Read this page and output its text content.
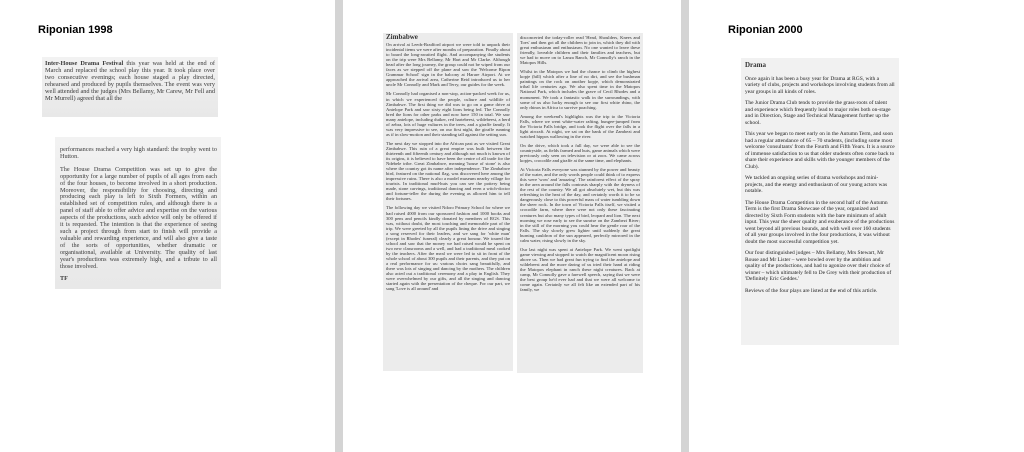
Riponian 1998

Inter-House Drama Festival this year was held at the end of March and replaced the school play this year. It took place over two consecutive evenings; each house staged a play directed, rehearsed and produced by pupils themselves. The event was very well attended and the judges (Mrs Bellamy, Mr Carew, Mr Fell and Mr Murrell) agreed that all the

performances reached a very high standard: the trophy went to Hutton.

The House Drama Competition was set up to give the opportunity for a large number of pupils of all ages from each of the four houses, to become involved in a short production. Moreover, the responsibility for choosing, directing and producing each play is left to Sixth Formers, within an established set of competition rules, and although there is a panel of staff able to offer advice and expertise on the various aspects of the productions, such advice will only be offered if it is requested. The intention is that the experience of seeing such a project through from start to finish will provide a valuable and rewarding experience, and will also give a taste of the sorts of opportunities, whether dramatic or organisational, available at University. The quality of last year's productions was extremely high, and a tribute to all those involved.

TF

Zimbabwe

On arrival at Leeds-Bradford airport we were told to unpack their incidental items we were after months of preparation. Finally about to board the long-awaited flight. And accompanying the students on the trip were Mrs Bellamy, Mr Hart and Mr Clarke. Although head after the long journey, the group could not be wiped from our faces as we stepped off the plane and saw the 'Welcome Ripon Grammar School' sign in the balcony at Harare Airport. At we approached the arrival area, Catherine Reid introduced us to her uncle Mr Connolly and Mark and Terry, our guides for the week.

Mr Connolly had organised a non-stop, action-packed week for us, in which we experienced the people, culture and wildlife of Zimbabwe. The first thing we did was to go on a game drive at Antelope Park and saw sixty eight lions being fed. The Connolly bred the lions for other parks and now have 150 in total. We saw many antelope, including duiker, red hartebeest, wildebeest, a herd of zebra, lots of huge vultures in the trees, and a giraffe family. It was very impressive to see, on our first night, the giraffe running as if in slow-motion and their standing tall against the setting sun.

The next day we stopped into the African past as we visited Great Zimbabwe. This ruin of a great empire was built between the thirteenth and fifteenth century and although not much is known of its origins, it is believed to have been the centre of all trade for the Ndebele tribe. Great Zimbabwe, meaning 'house of stone' is also where the country got its name after independence. The Zimbabwe bird, featured on the national flag, was discovered here among the impressive ruins. There is also a model museum nearby village for tourists. In traditional mud-huts you can see the pottery being made, stone carvings, traditional dancing and even a witch-doctor and fortune-teller the during the evening as allowed him to tell their fortunes.

The following day we visited Ndoro Primary School for where we had raised 4000 from our sponsored fashion and 1000 books and 300 pens and pencils kindly donated by members of RGS. This was, without doubt, the most touching and memorable part of the trip. We were greeted by all the pupils lining the drive and singing a song reserved for their leaders, and we sang for 'white man' (except in Rhodes' funeral) clearly a great honour. We toured the school and saw that the money we had raised would be spent on two new classrooms and a well, and had a traditional meal cooked by the teachers. After the meal we were led to sit in front of the whole school of about 300 pupils and their parents, and they put on a real performance for us: various choirs sang beautifully, and there was lots of singing and dancing by the mothers. The children also acted out a traditional ceremony and a play in English. They were overwhelmed by our gifts, and all the singing and dancing started again with the presentation of the cheque. For our part, we sang 'Love is all around' and

disconcerted the today-roller read 'Head, Shoulders, Knees and Toes' and then got all the children to join in, which they did with great enthusiasm and enthusiasm. No one wanted to leave these friendly, loveable children and their families and teachers, but we had to move on to Lanza Ranch, Mr Connolly's ranch in the Matopos Hills.

Whilst in the Matopos we had the chance to climb the highest kopje (hill) which after a line of no dirt, and see the bushman paintings on the rock on another kopje, which demonstrated tribal life centuries ago. We also spent time in the Matopos National Park, which includes the grave of Cecil Rhodes and a monument. We took a fantastic walk in the surroundings, with some of us also lucky enough to see our first white rhino, the only rhinos in Africa to survive poaching.

Among the weekend's highlights was the trip to the Victoria Falls, where we went white-water rafting, bungee-jumped from the Victoria Falls bridge, and took the flight over the falls in a light aircraft. At night, we sat on the bank of the Zambezi and watched hippos wallowing in the river.

On the drive, which took a full day, we were able to see the countryside, as fields farmed and huts, game animals which were previously only seen on television or at zoos. We came across kopjes, crocodile and giraffe at the same time, and elephants.

At Victoria Falls everyone was stunned by the power and beauty of the water, and the only words people could think of to express this were 'wow' and 'amazing'. The rainforest effect of the spray in the area around the falls contrasts sharply with the dryness of the rest of the country. We all got absolutely wet, but this was refreshing in the heat of the day, and certainly worth it to be so dangerously close to this powerful mass of water tumbling down the sheer rock. In the town of Victoria Falls itself, we visited a crocodile farm, where there were not only these fascinating creatures but also many types of bird, leopard and lion. The next morning we rose early to see the sunrise on the Zambezi River; in the still of the morning you could hear the gentle roar of the Falls. The sky slowly grew lighter until suddenly the great burning cauldron of the sun appeared, perfectly mirrored in the calm water, rising slowly in the sky.

Our last night was spent at Antelope Park. We went spotlight game viewing and stopped to watch the magnificent moon rising above us. Then we had great fun trying to find the antelope and wildebeest and the more daring of us tried their hand at riding the Matopos elephant in ranch these night creatures. Back at camp, Mr Connolly gave a farewell speech, saying that we were the best group he'd ever had and that we were all welcome to come again. Certainly we all felt like an extended part of his family, we

Riponian 2000
Drama

Once again it has been a busy year for Drama at RGS, with a variety of clubs, projects and workshops involving students from all year groups in all kinds of roles.

The Junior Drama Club tends to provide the grass-roots of talent and experience which frequently lead to major roles both on-stage and in Direction, Stage and Technical Management further up the school.

This year we began to meet early on in the Autumn Term, and soon had a regular attendance of 65 – 70 students, (including some most welcome 'consultants' from the Fourth and Fifth Years. It is a source of immense satisfaction to us that older students often come back to share their experience and skills with the younger members of the Club).

We tackled an ongoing series of drama workshops and mini-projects, and the energy and enthusiasm of our young actors was notable.

The House Drama Competition in the second half of the Autumn Term is the first Drama Showcase of the year, organized and directed by Sixth Form students with the bare minimum of adult input. This year the sheer quality and exuberance of the productions went beyond all previous bounds, and with well over 160 students of all year groups involved in the four productions, it was without doubt the most successful competition yet.

Our four distinguished judges – Mrs Bellamy, Mrs Stewart, Mr Rouse and Mr Lister – were bowled over by the ambition and quality of the productions, and had to agonize over their choice of winner – which ultimately fell to De Grey with their production of 'Definitely Eric Geddes.'

Reviews of the four plays are listed at the end of this article.
